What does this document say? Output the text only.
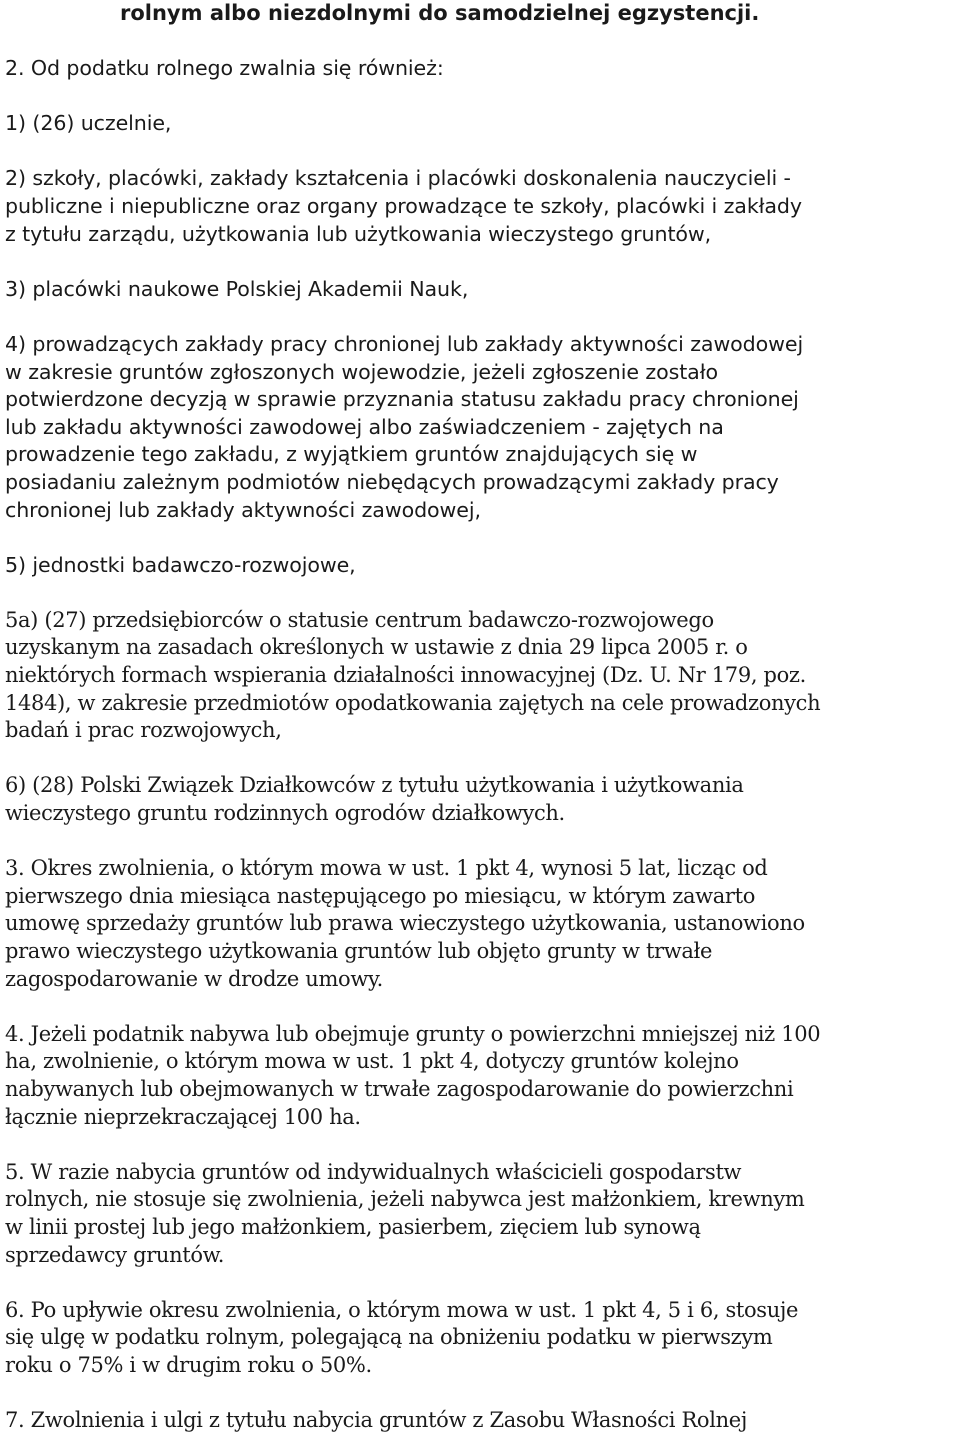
rolnym albo niezdolnymi do samodzielnej egzystencji.
2. Od podatku rolnego zwalnia się również:
1) (26) uczelnie,
2) szkoły, placówki, zakłady kształcenia i placówki doskonalenia nauczycieli -
publiczne i niepubliczne oraz organy prowadzące te szkoły, placówki i zakłady
z tytułu zarządu, użytkowania lub użytkowania wieczystego gruntów,
3) placówki naukowe Polskiej Akademii Nauk,
4) prowadzących zakłady pracy chronionej lub zakłady aktywności zawodowej
w zakresie gruntów zgłoszonych wojewodzie, jeżeli zgłoszenie zostało
potwierdzone decyzją w sprawie przyznania statusu zakładu pracy chronionej
lub zakładu aktywności zawodowej albo zaświadczeniem - zajętych na
prowadzenie tego zakładu, z wyjątkiem gruntów znajdujących się w
posiadaniu zależnym podmiotów niebędących prowadzącymi zakłady pracy
chronionej lub zakłady aktywności zawodowej,
5) jednostki badawczo-rozwojowe,
5a) (27) przedsiębiorców o statusie centrum badawczo-rozwojowego
uzyskanym na zasadach określonych w ustawie z dnia 29 lipca 2005 r. o
niektórych formach wspierania działalności innowacyjnej (Dz. U. Nr 179, poz.
1484), w zakresie przedmiotów opodatkowania zajętych na cele prowadzonych
badań i prac rozwojowych,
6) (28) Polski Związek Działkowców z tytułu użytkowania i użytkowania
wieczystego gruntu rodzinnych ogrodów działkowych.
3. Okres zwolnienia, o którym mowa w ust. 1 pkt 4, wynosi 5 lat, licząc od
pierwszego dnia miesiąca następującego po miesiącu, w którym zawarto
umowę sprzedaży gruntów lub prawa wieczystego użytkowania, ustanowiono
prawo wieczystego użytkowania gruntów lub objęto grunty w trwałe
zagospodarowanie w drodze umowy.
4. Jeżeli podatnik nabywa lub obejmuje grunty o powierzchni mniejszej niż 100
ha, zwolnienie, o którym mowa w ust. 1 pkt 4, dotyczy gruntów kolejno
nabywanych lub obejmowanych w trwałe zagospodarowanie do powierzchni
łącznie nieprzekraczającej 100 ha.
5. W razie nabycia gruntów od indywidualnych właścicieli gospodarstw
rolnych, nie stosuje się zwolnienia, jeżeli nabywca jest małżonkiem, krewnym
w linii prostej lub jego małżonkiem, pasierbem, zięciem lub synową
sprzedawcy gruntów.
6. Po upływie okresu zwolnienia, o którym mowa w ust. 1 pkt 4, 5 i 6, stosuje
się ulgę w podatku rolnym, polegającą na obniżeniu podatku w pierwszym
roku o 75% i w drugim roku o 50%.
7. Zwolnienia i ulgi z tytułu nabycia gruntów z Zasobu Własności Rolnej
